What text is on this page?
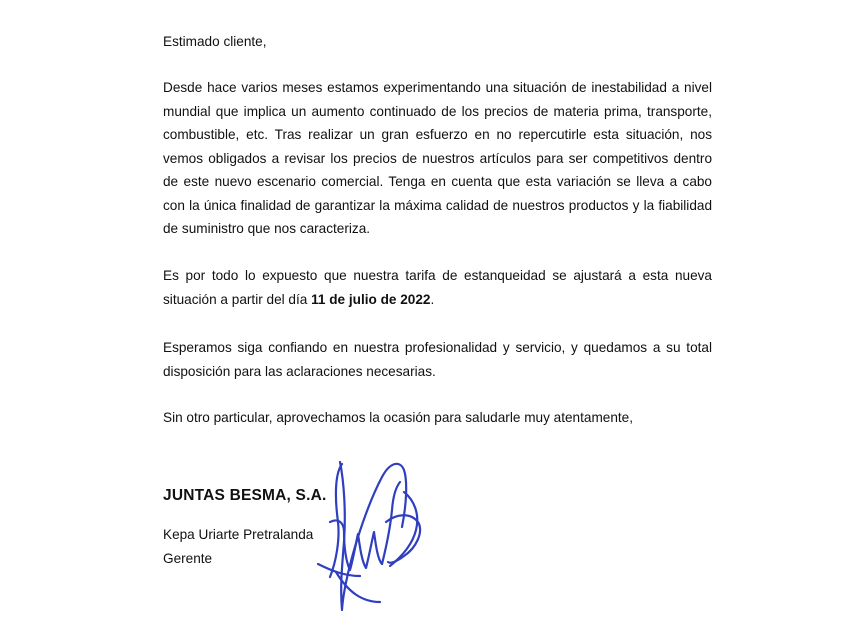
Estimado cliente,

Desde hace varios meses estamos experimentando una situación de inestabilidad a nivel mundial que implica un aumento continuado de los precios de materia prima, transporte, combustible, etc. Tras realizar un gran esfuerzo en no repercutirle esta situación, nos vemos obligados a revisar los precios de nuestros artículos para ser competitivos dentro de este nuevo escenario comercial. Tenga en cuenta que esta variación se lleva a cabo con la única finalidad de garantizar la máxima calidad de nuestros productos y la fiabilidad de suministro que nos caracteriza.

Es por todo lo expuesto que nuestra tarifa de estanqueidad se ajustará a esta nueva situación a partir del día 11 de julio de 2022.

Esperamos siga confiando en nuestra profesionalidad y servicio, y quedamos a su total disposición para las aclaraciones necesarias.

Sin otro particular, aprovechamos la ocasión para saludarle muy atentamente,

JUNTAS BESMA, S.A.
Kepa Uriarte Pretralanda
Gerente
